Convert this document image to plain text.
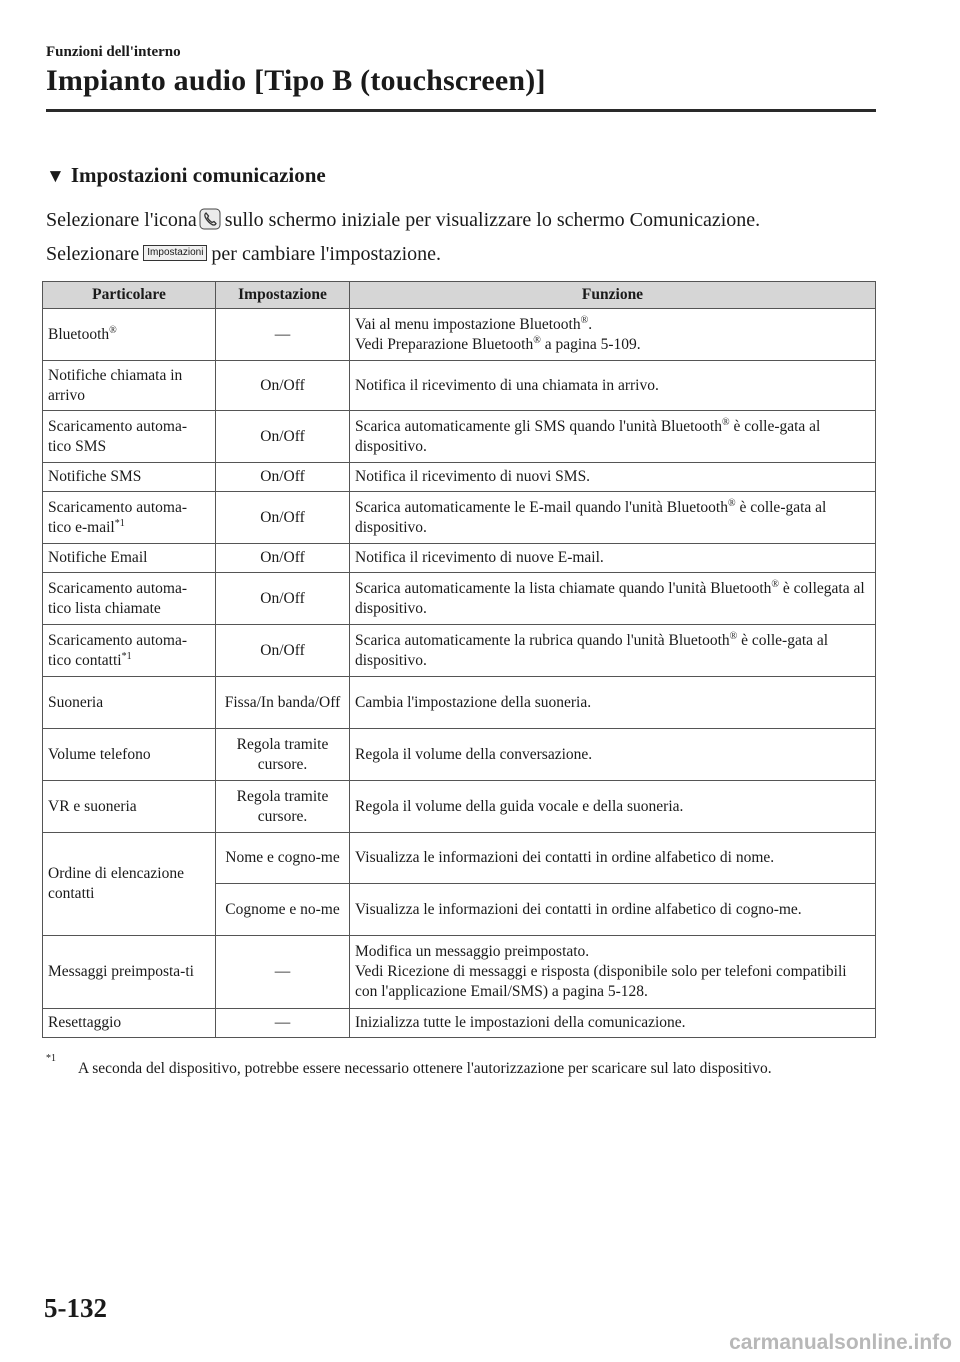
Funzioni dell'interno
Impianto audio [Tipo B (touchscreen)]
▼ Impostazioni comunicazione
Selezionare l'icona sullo schermo iniziale per visualizzare lo schermo Comunicazione.
Selezionare Impostazioni per cambiare l'impostazione.
Particolare	Impostazione	Funzione
Bluetooth®	—	Vai al menu impostazione Bluetooth®.
Vedi Preparazione Bluetooth® a pagina 5-109.
Notifiche chiamata in arrivo	On/Off	Notifica il ricevimento di una chiamata in arrivo.
Scaricamento automa-tico SMS	On/Off	Scarica automaticamente gli SMS quando l'unità Bluetooth® è colle-gata al dispositivo.
Notifiche SMS	On/Off	Notifica il ricevimento di nuovi SMS.
Scaricamento automa-tico e-mail$^{*1}$	On/Off	Scarica automaticamente le E-mail quando l'unità Bluetooth® è colle-gata al dispositivo.
Notifiche Email	On/Off	Notifica il ricevimento di nuove E-mail.
Scaricamento automa-tico lista chiamate	On/Off	Scarica automaticamente la lista chiamate quando l'unità Bluetooth® è collegata al dispositivo.
Scaricamento automa-tico contatti$^{*1}$	On/Off	Scarica automaticamente la rubrica quando l'unità Bluetooth® è colle-gata al dispositivo.
Suoneria	Fissa/In banda/Off	Cambia l'impostazione della suoneria.
Volume telefono	Regola tramite cursore.	Regola il volume della conversazione.
VR e suoneria	Regola tramite cursore.	Regola il volume della guida vocale e della suoneria.
Ordine di elencazione contatti	Nome e cogno-me	Visualizza le informazioni dei contatti in ordine alfabetico di nome.
	Cognome e no-me	Visualizza le informazioni dei contatti in ordine alfabetico di cogno-me.
Messaggi preimposta-ti	—	Modifica un messaggio preimpostato.
Vedi Ricezione di messaggi e risposta (disponibile solo per telefoni compatibili con l'applicazione Email/SMS) a pagina 5-128.
Resettaggio	—	Inizializza tutte le impostazioni della comunicazione.
*1
A seconda del dispositivo, potrebbe essere necessario ottenere l'autorizzazione per scaricare sul lato dispositivo.
5-132
carmanualsonline.info
